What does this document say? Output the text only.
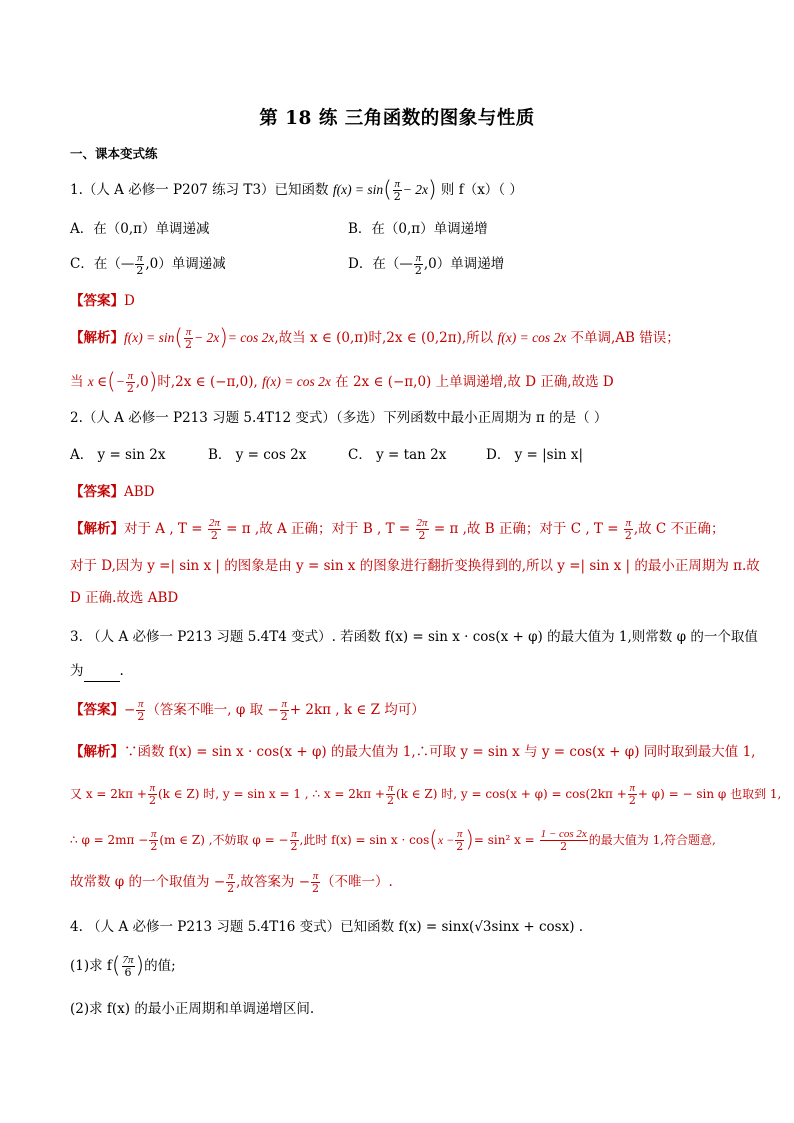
第 18 练 三角函数的图象与性质
一、课本变式练
1.（人 A 必修一 P207 练习 T3）已知函数 $f(x) = \sin( \frac{\pi}{2} - 2x)$ 则 f（x）（ ）
A．在（0,π）单调递减	B．在（0,π）单调递增
C．在（— $\frac{\pi}{2} ,0$）单调递减	D．在（— $\frac{\pi}{2} ,0$）单调递增
【答案】D
【解析】$f(x) = \sin( \frac{\pi}{2} - 2x)= \cos 2x$,故当 x ∈ (0,π)时,2x ∈ (0,2π),所以 f(x) = cos 2x 不单调,AB 错误；
当 x ∈(− $\frac{\pi}{2} ,0$)时,2x ∈ (−π,0), f(x) = cos 2x 在 2x ∈ (−π,0) 上单调递增,故 D 正确,故选 D
2.（人 A 必修一 P213 习题 5.4T12 变式）（多选）下列函数中最小正周期为 π 的是（ ）
A． y = sin 2x	B． y = cos 2x	C． y = tan 2x	D． y = |sin x|
【答案】ABD
【解析】对于 A , $T = \frac{2\pi}{2} = \pi$ ,故 A 正确；对于 B , $T = \frac{2\pi}{2} = \pi$ ,故 B 正确；对于 C , $T = \frac{\pi}{2}$ ,故 C 不正确；
对于 D,因为 y =| sin x | 的图象是由 y = sin x 的图象进行翻折变换得到的,所以 y =| sin x | 的最小正周期为 π.故
D 正确.故选 ABD
3. （人 A 必修一 P213 习题 5.4T4 变式）. 若函数 f(x) = sin x · cos(x + φ) 的最大值为 1,则常数 φ 的一个取值
为	.
【答案】− $\frac{\pi}{2}$ （答案不唯一, φ 取 − $\frac{\pi}{2} + 2k\pi$ , k ∈ Z 均可）
【解析】∵函数 f(x) = sin x · cos(x + φ) 的最大值为 1,∴可取 y = sin x 与 y = cos(x + φ) 同时取到最大值 1,
又 $x = 2k\pi + \frac{\pi}{2} (k$ ∈ Z) 时, y = sin x = 1 , ∴ $x = 2k\pi + \frac{\pi}{2} (k$ ∈ Z) 时, $y = \cos(x + \varphi) = \cos(2k\pi + \frac{\pi}{2} + \varphi)$ = − sin φ 也取到 1,
∴ $\varphi = 2m\pi - \frac{\pi}{2} (m$ ∈ Z) ,不妨取 φ = − $\frac{\pi}{2}$ ,此时 $f(x) = \sin x \cdot \cos(x - \frac{\pi}{2}$ )= sin² $x = \frac{1 - \cos 2x}{2}$ 的最大值为 1,符合题意,
故常数 φ 的一个取值为 − $\frac{\pi}{2}$ ,故答案为 − $\frac{\pi}{2}$ （不唯一）.
4. （人 A 必修一 P213 习题 5.4T16 变式）已知函数 f(x) = sinx(√3sinx + cosx) .
(1)求 $f( \frac{7\pi}{6}$ )的值;
(2)求 f(x) 的最小正周期和单调递增区间.
